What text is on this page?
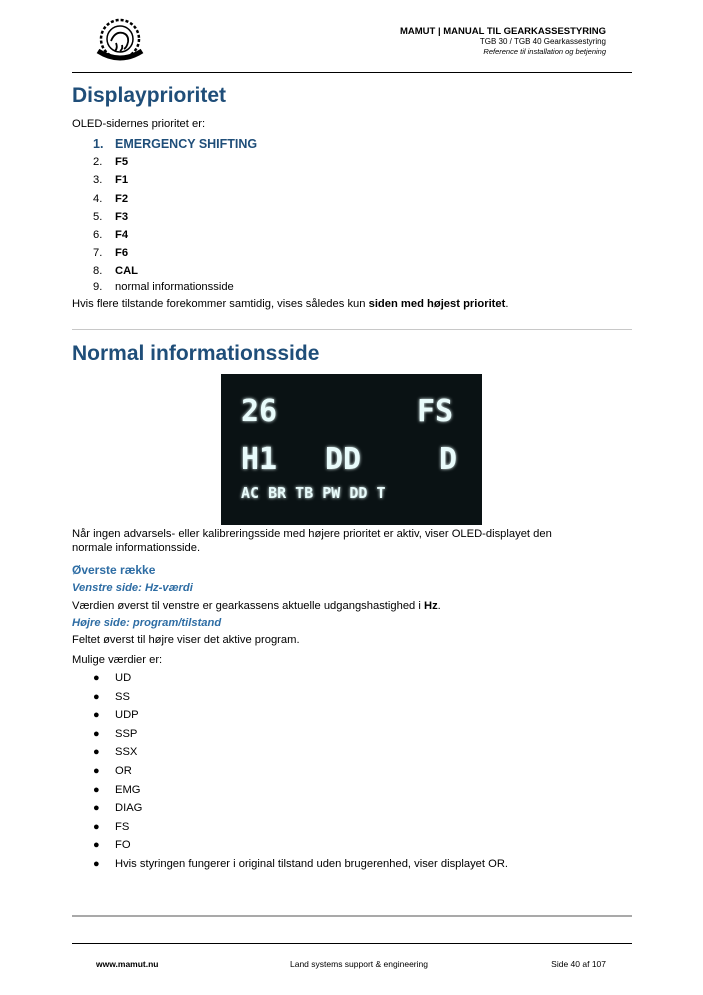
MAMUT | MANUAL TIL GEARKASSESTYRING
TGB 30 / TGB 40 Gearkassestyring
Reference til installation og betjening
Displayprioritet
OLED-sidernes prioritet er:
1. EMERGENCY SHIFTING
2. F5
3. F1
4. F2
5. F3
6. F4
7. F6
8. CAL
9. normal informationsside
Hvis flere tilstande forekommer samtidig, vises således kun siden med højest prioritet.
Normal informationsside
26	FS
H1 DD	D
AC BR TB PW DD T
Når ingen advarsels- eller kalibreringsside med højere prioritet er aktiv, viser OLED-displayet den
normale informationsside.
Øverste række
Venstre side: Hz-værdi
Værdien øverst til venstre er gearkassens aktuelle udgangshastighed i Hz.
Højre side: program/tilstand
Feltet øverst til højre viser det aktive program.
Mulige værdier er:
● UD
● SS
● UDP
● SSP
● SSX
● OR
● EMG
● DIAG
● FS
● FO
● Hvis styringen fungerer i original tilstand uden brugerenhed, viser displayet OR.
www.mamut.nu	Land systems support & engineering	Side 40 af 107
